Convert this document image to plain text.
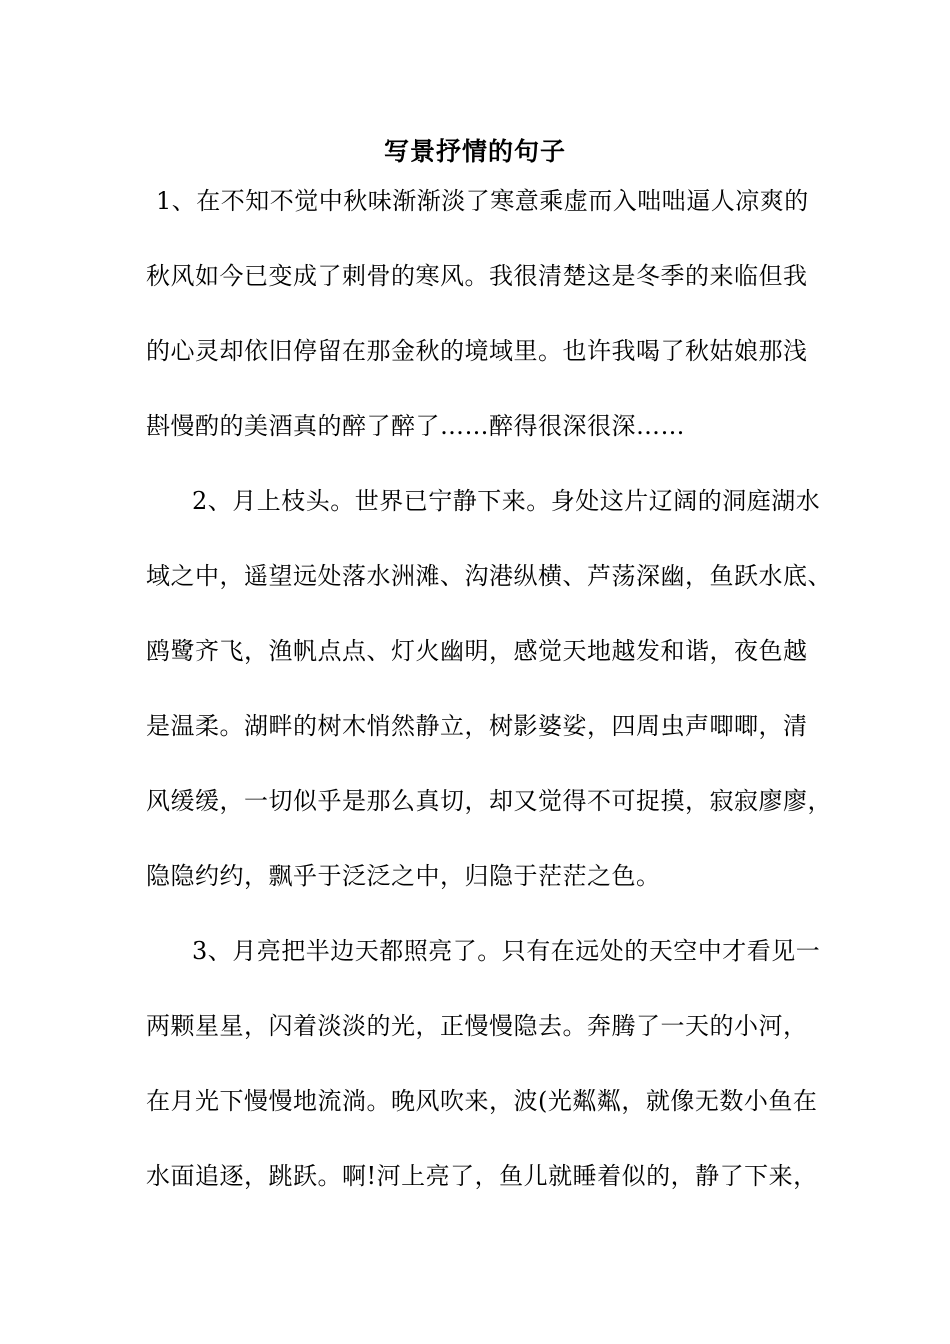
写景抒情的句子
1、在不知不觉中秋味渐渐淡了寒意乘虚而入咄咄逼人凉爽的
秋风如今已变成了刺骨的寒风。我很清楚这是冬季的来临但我
的心灵却依旧停留在那金秋的境域里。也许我喝了秋姑娘那浅
斟慢酌的美酒真的醉了醉了……醉得很深很深……
2、月上枝头。世界已宁静下来。身处这片辽阔的洞庭湖水
域之中，遥望远处落水洲滩、沟港纵横、芦荡深幽，鱼跃水底、
鸥鹭齐飞，渔帆点点、灯火幽明，感觉天地越发和谐，夜色越
是温柔。湖畔的树木悄然静立，树影婆娑，四周虫声唧唧，清
风缓缓，一切似乎是那么真切，却又觉得不可捉摸，寂寂廖廖，
隐隐约约，飘乎于泛泛之中，归隐于茫茫之色。
3、月亮把半边天都照亮了。只有在远处的天空中才看见一
两颗星星，闪着淡淡的光，正慢慢隐去。奔腾了一天的小河，
在月光下慢慢地流淌。晚风吹来，波(光粼粼，就像无数小鱼在
水面追逐，跳跃。啊!河上亮了，鱼儿就睡着似的，静了下来，
